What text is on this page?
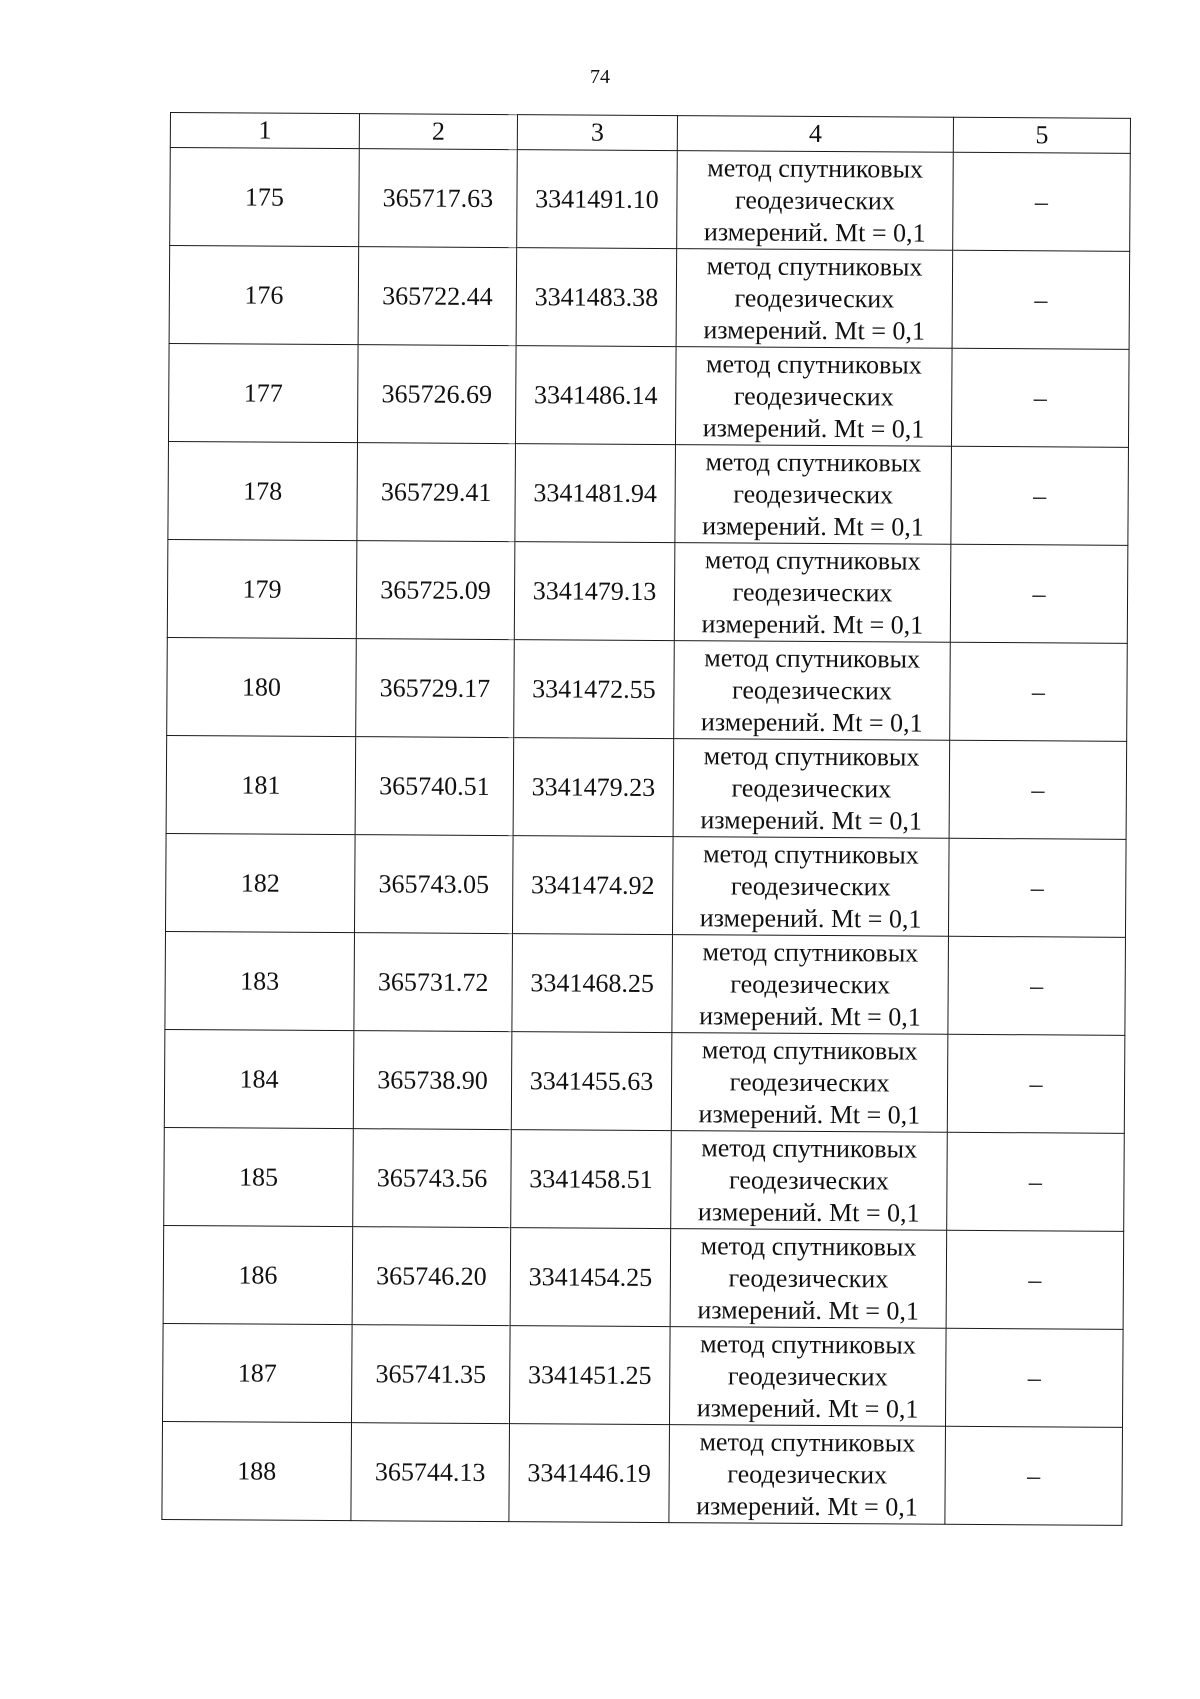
74
1	2	3	4	5
175	365717.63	3341491.10	метод спутниковых
геодезических
измерений. Mt = 0,1	–
176	365722.44	3341483.38	метод спутниковых
геодезических
измерений. Mt = 0,1	–
177	365726.69	3341486.14	метод спутниковых
геодезических
измерений. Mt = 0,1	–
178	365729.41	3341481.94	метод спутниковых
геодезических
измерений. Mt = 0,1	–
179	365725.09	3341479.13	метод спутниковых
геодезических
измерений. Mt = 0,1	–
180	365729.17	3341472.55	метод спутниковых
геодезических
измерений. Mt = 0,1	–
181	365740.51	3341479.23	метод спутниковых
геодезических
измерений. Mt = 0,1	–
182	365743.05	3341474.92	метод спутниковых
геодезических
измерений. Mt = 0,1	–
183	365731.72	3341468.25	метод спутниковых
геодезических
измерений. Mt = 0,1	–
184	365738.90	3341455.63	метод спутниковых
геодезических
измерений. Mt = 0,1	–
185	365743.56	3341458.51	метод спутниковых
геодезических
измерений. Mt = 0,1	–
186	365746.20	3341454.25	метод спутниковых
геодезических
измерений. Mt = 0,1	–
187	365741.35	3341451.25	метод спутниковых
геодезических
измерений. Mt = 0,1	–
188	365744.13	3341446.19	метод спутниковых
геодезических
измерений. Mt = 0,1	–
